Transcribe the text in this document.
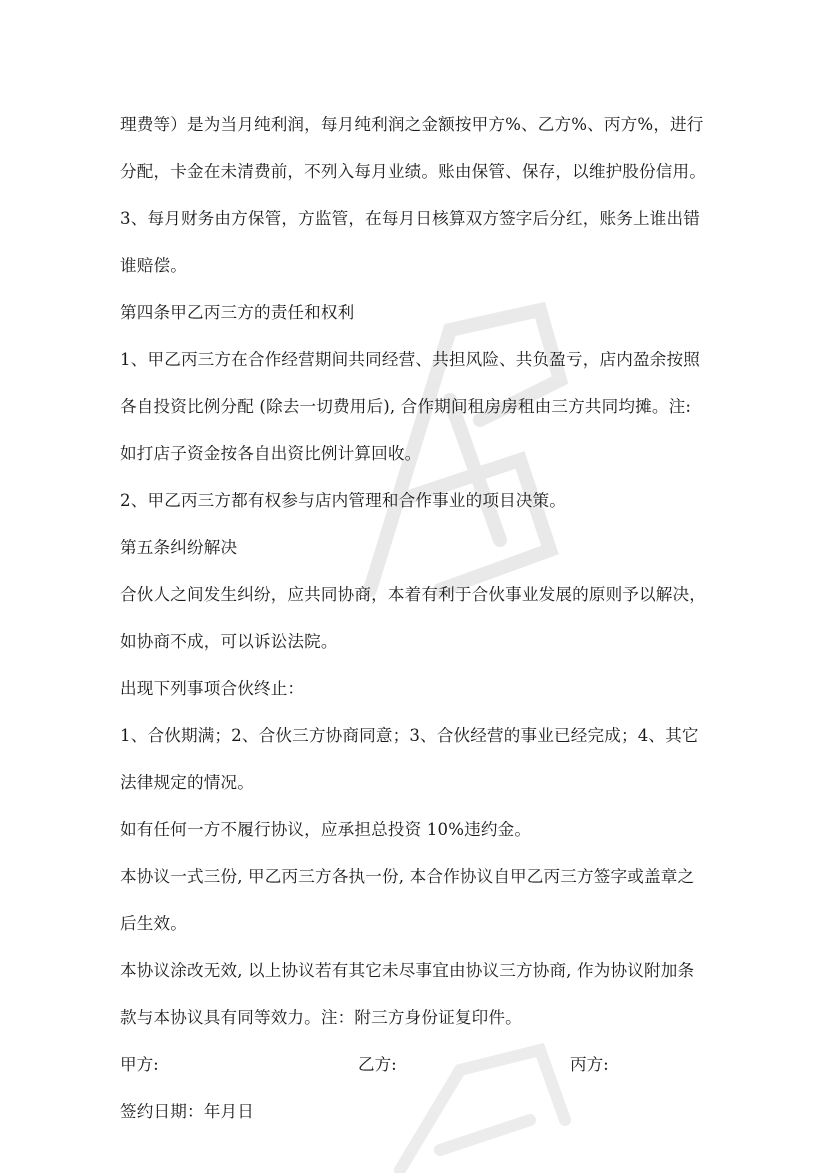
理费等）是为当月纯利润，每月纯利润之金额按甲方%、乙方%、丙方%，进行
分配，卡金在未清费前，不列入每月业绩。账由保管、保存，以维护股份信用。
3、每月财务由方保管，方监管，在每月日核算双方签字后分红，账务上谁出错
谁赔偿。
第四条甲乙丙三方的责任和权利
1、甲乙丙三方在合作经营期间共同经营、共担风险、共负盈亏，店内盈余按照
各自投资比例分配 (除去一切费用后), 合作期间租房房租由三方共同均摊。注:
如打店子资金按各自出资比例计算回收。
2、甲乙丙三方都有权参与店内管理和合作事业的项目决策。
第五条纠纷解决
合伙人之间发生纠纷，应共同协商，本着有利于合伙事业发展的原则予以解决，
如协商不成，可以诉讼法院。
出现下列事项合伙终止：
1、合伙期满；2、合伙三方协商同意；3、合伙经营的事业已经完成；4、其它
法律规定的情况。
如有任何一方不履行协议，应承担总投资 10%违约金。
本协议一式三份, 甲乙丙三方各执一份, 本合作协议自甲乙丙三方签字或盖章之
后生效。
本协议涂改无效, 以上协议若有其它未尽事宜由协议三方协商, 作为协议附加条
款与本协议具有同等效力。注：附三方身份证复印件。
甲方:	乙方:	丙方:
签约日期：年月日
